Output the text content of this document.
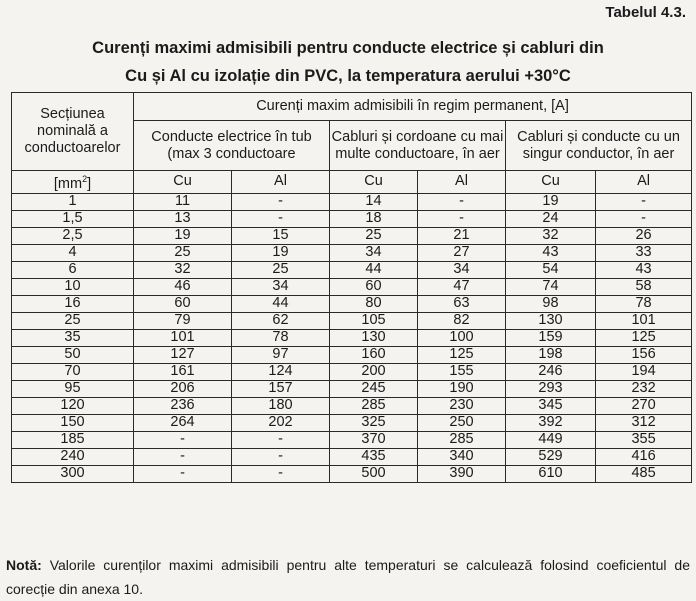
Tabelul 4.3.
Curenți maximi admisibili pentru conducte electrice și cabluri din
Cu și Al cu izolație din PVC, la temperatura aerului +30°C
Secțiunea nominală a conductoarelor	Curenți maxim admisibili în regim permanent, [A]					
	Conducte electrice în tub (max 3 conductoare		Cabluri și cordoane cu mai multe conductoare, în aer		Cabluri și conducte cu un singur conductor, în aer	
$[mm^2]$	Cu	Al	Cu	Al	Cu	Al
1	11	-	14	-	19	-
1,5	13	-	18	-	24	-
2,5	19	15	25	21	32	26
4	25	19	34	27	43	33
6	32	25	44	34	54	43
10	46	34	60	47	74	58
16	60	44	80	63	98	78
25	79	62	105	82	130	101
35	101	78	130	100	159	125
50	127	97	160	125	198	156
70	161	124	200	155	246	194
95	206	157	245	190	293	232
120	236	180	285	230	345	270
150	264	202	325	250	392	312
185	-	-	370	285	449	355
240	-	-	435	340	529	416
300	-	-	500	390	610	485
Notă: Valorile curenților maximi admisibili pentru alte temperaturi se calculează folosind coeficientul de corecție din anexa 10.
